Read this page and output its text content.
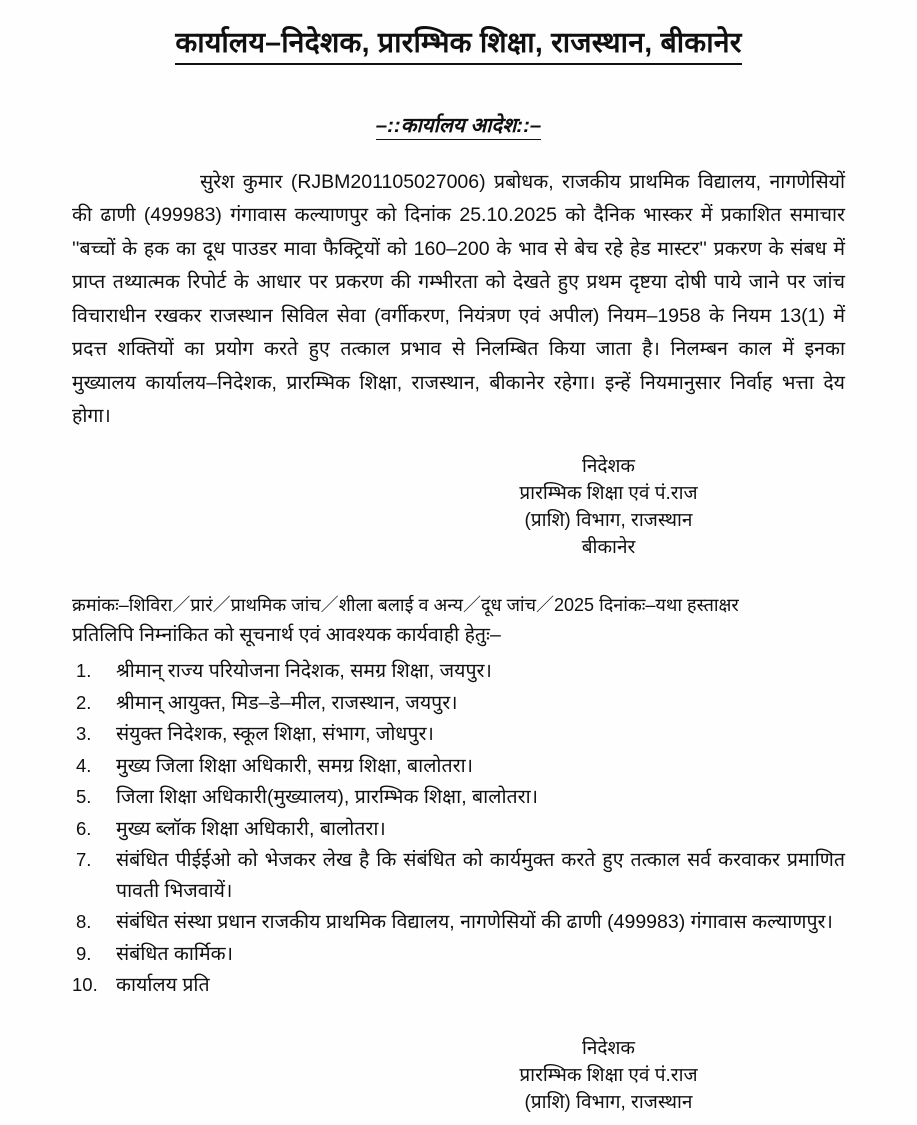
कार्यालय–निदेशक, प्रारम्भिक शिक्षा, राजस्थान, बीकानेर
–::कार्यालय आदेश::–

सुरेश कुमार (RJBM201105027006) प्रबोधक, राजकीय प्राथमिक विद्यालय, नागणेसियों की ढाणी (499983) गंगावास कल्याणपुर को दिनांक 25.10.2025 को दैनिक भास्कर में प्रकाशित समाचार ''बच्चों के हक का दूध पाउडर मावा फैक्ट्रियों को 160–200 के भाव से बेच रहे हेड मास्टर'' प्रकरण के संबध में प्राप्त तथ्यात्मक रिपोर्ट के आधार पर प्रकरण की गम्भीरता को देखते हुए प्रथम दृष्टया दोषी पाये जाने पर जांच विचाराधीन रखकर राजस्थान सिविल सेवा (वर्गीकरण, नियंत्रण एवं अपील) नियम–1958 के नियम 13(1) में प्रदत्त शक्तियों का प्रयोग करते हुए तत्काल प्रभाव से निलम्बित किया जाता है। निलम्बन काल में इनका मुख्यालय कार्यालय–निदेशक, प्रारम्भिक शिक्षा, राजस्थान, बीकानेर रहेगा। इन्हें नियमानुसार निर्वाह भत्ता देय होगा।

निदेशक
प्रारम्भिक शिक्षा एवं पं.राज
(प्राशि) विभाग, राजस्थान
बीकानेर
क्रमांकः–शिविरा／प्रारं／प्राथमिक जांच／शीला बलाई व अन्य／दूध जांच／2025 दिनांकः–यथा हस्ताक्षर
प्रतिलिपि निम्नांकित को सूचनार्थ एवं आवश्यक कार्यवाही हेतुः–
श्रीमान् राज्य परियोजना निदेशक, समग्र शिक्षा, जयपुर।
श्रीमान् आयुक्त, मिड–डे–मील, राजस्थान, जयपुर।
संयुक्त निदेशक, स्कूल शिक्षा, संभाग, जोधपुर।
मुख्य जिला शिक्षा अधिकारी, समग्र शिक्षा, बालोतरा।
जिला शिक्षा अधिकारी(मुख्यालय), प्रारम्भिक शिक्षा, बालोतरा।
मुख्य ब्लॉक शिक्षा अधिकारी, बालोतरा।
संबंधित पीईईओ को भेजकर लेख है कि संबंधित को कार्यमुक्त करते हुए तत्काल सर्व करवाकर प्रमाणित पावती भिजवायें।
संबंधित संस्था प्रधान राजकीय प्राथमिक विद्यालय, नागणेसियों की ढाणी (499983) गंगावास कल्याणपुर।
संबंधित कार्मिक।
कार्यालय प्रति
निदेशक
प्रारम्भिक शिक्षा एवं पं.राज
(प्राशि) विभाग, राजस्थान
